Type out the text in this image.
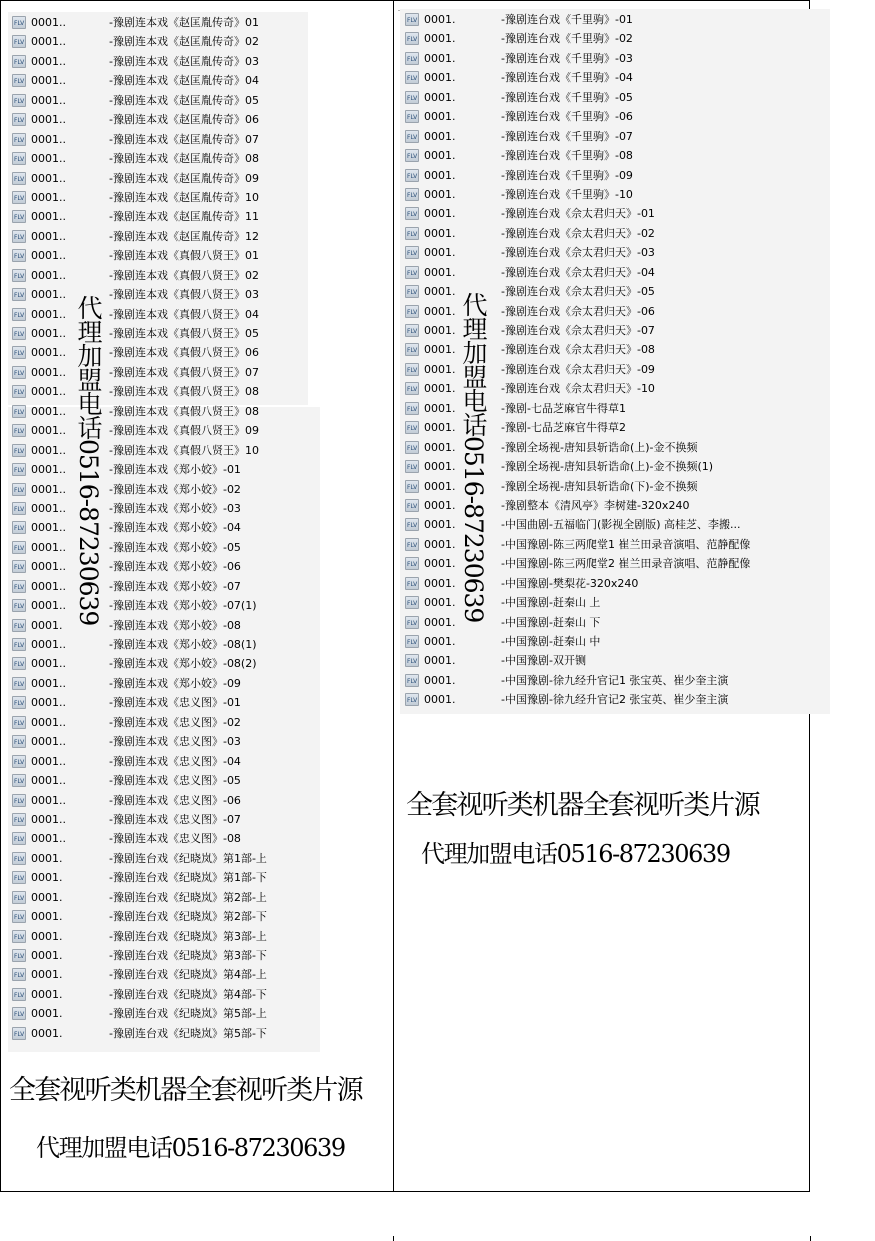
FLV 0001..	-豫剧连本戏《赵匡胤传奇》01
FLV 0001..	-豫剧连本戏《赵匡胤传奇》02
FLV 0001..	-豫剧连本戏《赵匡胤传奇》03
FLV 0001..	-豫剧连本戏《赵匡胤传奇》04
FLV 0001..	-豫剧连本戏《赵匡胤传奇》05
FLV 0001..	-豫剧连本戏《赵匡胤传奇》06
FLV 0001..	-豫剧连本戏《赵匡胤传奇》07
FLV 0001..	-豫剧连本戏《赵匡胤传奇》08
FLV 0001..	-豫剧连本戏《赵匡胤传奇》09
FLV 0001..	-豫剧连本戏《赵匡胤传奇》10
FLV 0001..	-豫剧连本戏《赵匡胤传奇》11
FLV 0001..	-豫剧连本戏《赵匡胤传奇》12
FLV 0001..	-豫剧连本戏《真假八贤王》01
FLV 0001..	-豫剧连本戏《真假八贤王》02
FLV 0001..	-豫剧连本戏《真假八贤王》03
FLV 0001..	-豫剧连本戏《真假八贤王》04
FLV 0001..	-豫剧连本戏《真假八贤王》05
FLV 0001..	-豫剧连本戏《真假八贤王》06
FLV 0001..	-豫剧连本戏《真假八贤王》07
FLV 0001..	-豫剧连本戏《真假八贤王》08
FLV 0001..	-豫剧连本戏《真假八贤王》08
FLV 0001..	-豫剧连本戏《真假八贤王》09
FLV 0001..	-豫剧连本戏《真假八贤王》10
FLV 0001..	-豫剧连本戏《郑小姣》-01
FLV 0001..	-豫剧连本戏《郑小姣》-02
FLV 0001..	-豫剧连本戏《郑小姣》-03
FLV 0001..	-豫剧连本戏《郑小姣》-04
FLV 0001..	-豫剧连本戏《郑小姣》-05
FLV 0001..	-豫剧连本戏《郑小姣》-06
FLV 0001..	-豫剧连本戏《郑小姣》-07
FLV 0001..	-豫剧连本戏《郑小姣》-07(1)
FLV 0001.	-豫剧连本戏《郑小姣》-08
FLV 0001..	-豫剧连本戏《郑小姣》-08(1)
FLV 0001..	-豫剧连本戏《郑小姣》-08(2)
FLV 0001..	-豫剧连本戏《郑小姣》-09
FLV 0001..	-豫剧连本戏《忠义图》-01
FLV 0001..	-豫剧连本戏《忠义图》-02
FLV 0001..	-豫剧连本戏《忠义图》-03
FLV 0001..	-豫剧连本戏《忠义图》-04
FLV 0001..	-豫剧连本戏《忠义图》-05
FLV 0001..	-豫剧连本戏《忠义图》-06
FLV 0001..	-豫剧连本戏《忠义图》-07
FLV 0001..	-豫剧连本戏《忠义图》-08
FLV 0001.	-豫剧连台戏《纪晓岚》第1部-上
FLV 0001.	-豫剧连台戏《纪晓岚》第1部-下
FLV 0001.	-豫剧连台戏《纪晓岚》第2部-上
FLV 0001.	-豫剧连台戏《纪晓岚》第2部-下
FLV 0001.	-豫剧连台戏《纪晓岚》第3部-上
FLV 0001.	-豫剧连台戏《纪晓岚》第3部-下
FLV 0001.	-豫剧连台戏《纪晓岚》第4部-上
FLV 0001.	-豫剧连台戏《纪晓岚》第4部-下
FLV 0001.	-豫剧连台戏《纪晓岚》第5部-上
FLV 0001.	-豫剧连台戏《纪晓岚》第5部-下
FLV 0001.	-豫剧连台戏《千里驹》-01
FLV 0001.	-豫剧连台戏《千里驹》-02
FLV 0001.	-豫剧连台戏《千里驹》-03
FLV 0001.	-豫剧连台戏《千里驹》-04
FLV 0001.	-豫剧连台戏《千里驹》-05
FLV 0001.	-豫剧连台戏《千里驹》-06
FLV 0001.	-豫剧连台戏《千里驹》-07
FLV 0001.	-豫剧连台戏《千里驹》-08
FLV 0001.	-豫剧连台戏《千里驹》-09
FLV 0001.	-豫剧连台戏《千里驹》-10
FLV 0001.	-豫剧连台戏《佘太君归天》-01
FLV 0001.	-豫剧连台戏《佘太君归天》-02
FLV 0001.	-豫剧连台戏《佘太君归天》-03
FLV 0001.	-豫剧连台戏《佘太君归天》-04
FLV 0001.	-豫剧连台戏《佘太君归天》-05
FLV 0001.	-豫剧连台戏《佘太君归天》-06
FLV 0001.	-豫剧连台戏《佘太君归天》-07
FLV 0001.	-豫剧连台戏《佘太君归天》-08
FLV 0001.	-豫剧连台戏《佘太君归天》-09
FLV 0001.	-豫剧连台戏《佘太君归天》-10
FLV 0001.	-豫剧-七品芝麻官牛得草1
FLV 0001.	-豫剧-七品芝麻官牛得草2
FLV 0001.	-豫剧全场视-唐知县斩诰命(上)-金不换频
FLV 0001.	-豫剧全场视-唐知县斩诰命(上)-金不换频(1)
FLV 0001.	-豫剧全场视-唐知县斩诰命(下)-金不换频
FLV 0001.	-豫剧整本《清风亭》李树建-320x240
FLV 0001.	-中国曲剧-五福临门(影视全剧版) 高桂芝、李搬...
FLV 0001.	-中国豫剧-陈三两爬堂1 崔兰田录音演唱、范静配像
FLV 0001.	-中国豫剧-陈三两爬堂2 崔兰田录音演唱、范静配像
FLV 0001.	-中国豫剧-樊梨花-320x240
FLV 0001.	-中国豫剧-赶秦山 上
FLV 0001.	-中国豫剧-赶秦山 下
FLV 0001.	-中国豫剧-赶秦山 中
FLV 0001.	-中国豫剧-双开铡
FLV 0001.	-中国豫剧-徐九经升官记1 张宝英、崔少奎主演
FLV 0001.	-中国豫剧-徐九经升官记2 张宝英、崔少奎主演
代理加盟电话0516-87230639	代理加盟电话0516-87230639
全套视听类机器全套视听类片源
代理加盟电话0516-87230639
全套视听类机器全套视听类片源
代理加盟电话0516-87230639
